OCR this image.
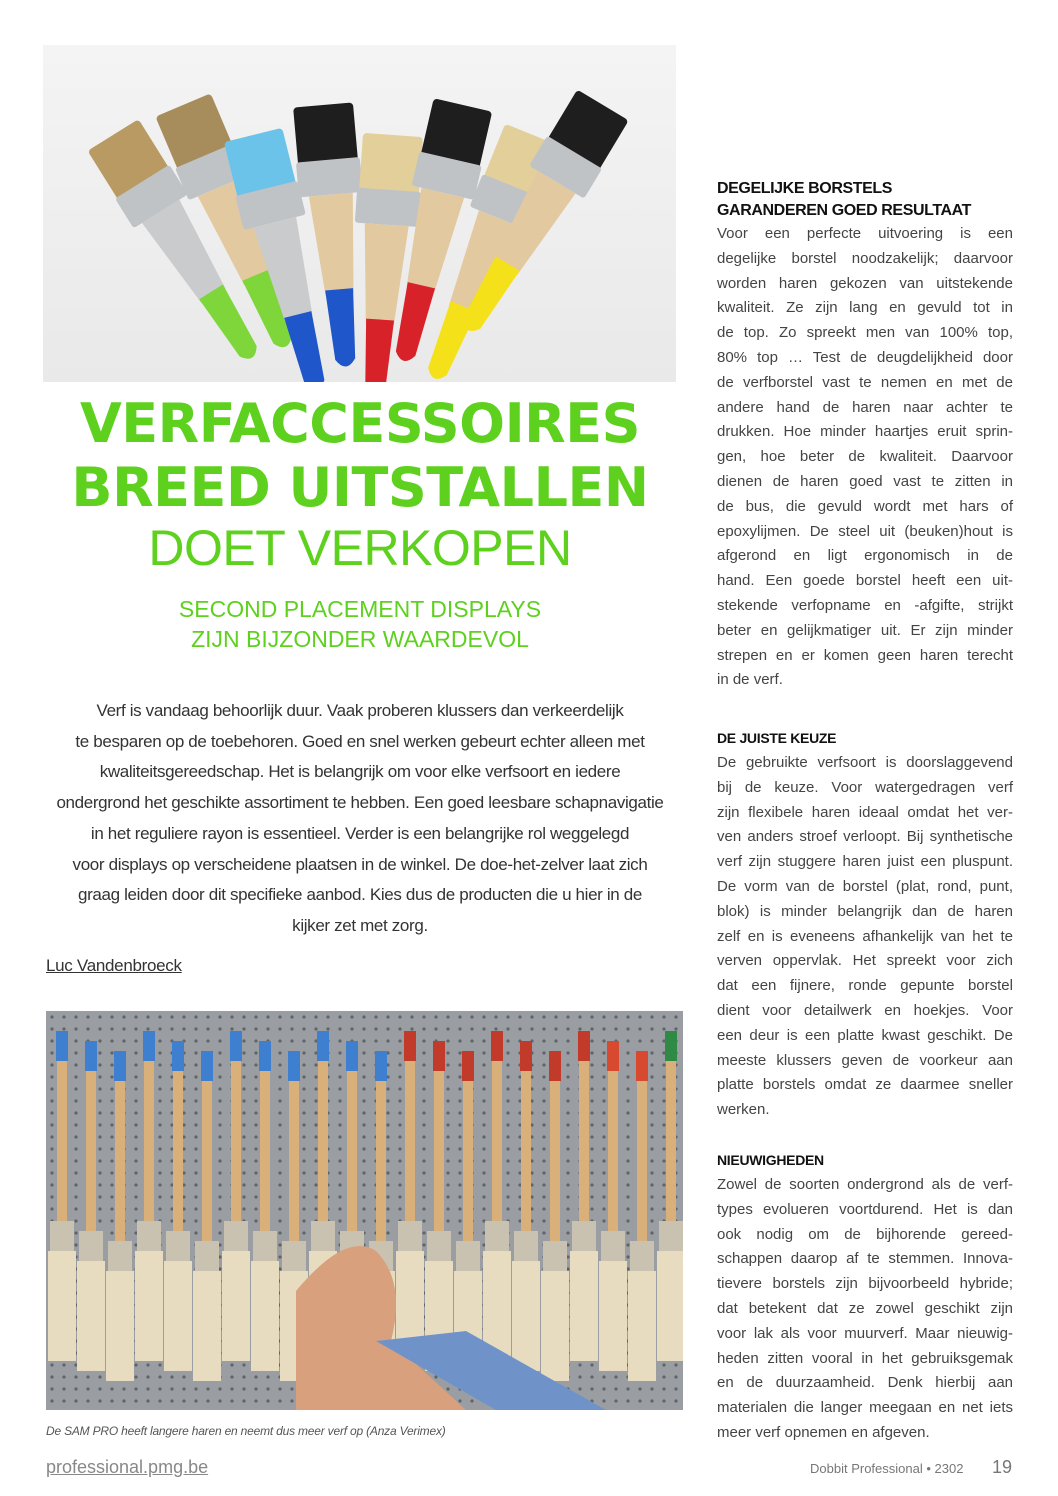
VERFACCESSOIRES
BREED UITSTALLEN
DOET VERKOPEN
SECOND PLACEMENT DISPLAYS
ZIJN BIJZONDER WAARDEVOL
Verf is vandaag behoorlijk duur. Vaak proberen klussers dan verkeerdelijk
te besparen op de toebehoren. Goed en snel werken gebeurt echter alleen met
kwaliteitsgereedschap. Het is belangrijk om voor elke verfsoort en iedere
ondergrond het geschikte assortiment te hebben. Een goed leesbare schapnavigatie
in het reguliere rayon is essentieel. Verder is een belangrijke rol weggelegd
voor displays op verscheidene plaatsen in de winkel. De doe-het-zelver laat zich
graag leiden door dit specifieke aanbod. Kies dus de producten die u hier in de
kijker zet met zorg.
Luc Vandenbroeck
De SAM PRO heeft langere haren en neemt dus meer verf op (Anza Verimex)
DEGELIJKE BORSTELS
GARANDEREN GOED RESULTAAT
Voor een perfecte uitvoering is een
degelijke borstel noodzakelijk; daarvoor
worden haren gekozen van uitstekende
kwaliteit. Ze zijn lang en gevuld tot in
de top. Zo spreekt men van 100% top,
80% top … Test de deugdelijkheid door
de verfborstel vast te nemen en met de
andere hand de haren naar achter te
drukken. Hoe minder haartjes eruit sprin-
gen, hoe beter de kwaliteit. Daarvoor
dienen de haren goed vast te zitten in
de bus, die gevuld wordt met hars of
epoxylijmen. De steel uit (beuken)hout is
afgerond en ligt ergonomisch in de
hand. Een goede borstel heeft een uit-
stekende verfopname en -afgifte, strijkt
beter en gelijkmatiger uit. Er zijn minder
strepen en er komen geen haren terecht
in de verf.
DE JUISTE KEUZE
De gebruikte verfsoort is doorslaggevend
bij de keuze. Voor watergedragen verf
zijn flexibele haren ideaal omdat het ver-
ven anders stroef verloopt. Bij synthetische
verf zijn stuggere haren juist een pluspunt.
De vorm van de borstel (plat, rond, punt,
blok) is minder belangrijk dan de haren
zelf en is eveneens afhankelijk van het te
verven oppervlak. Het spreekt voor zich
dat een fijnere, ronde gepunte borstel
dient voor detailwerk en hoekjes. Voor
een deur is een platte kwast geschikt. De
meeste klussers geven de voorkeur aan
platte borstels omdat ze daarmee sneller
werken.
NIEUWIGHEDEN
Zowel de soorten ondergrond als de verf-
types evolueren voortdurend. Het is dan
ook nodig om de bijhorende gereed-
schappen daarop af te stemmen. Innova-
tievere borstels zijn bijvoorbeeld hybride;
dat betekent dat ze zowel geschikt zijn
voor lak als voor muurverf. Maar nieuwig-
heden zitten vooral in het gebruiksgemak
en de duurzaamheid. Denk hierbij aan
materialen die langer meegaan en net iets
meer verf opnemen en afgeven.
professional.pmg.be	Dobbit Professional • 2302 19
